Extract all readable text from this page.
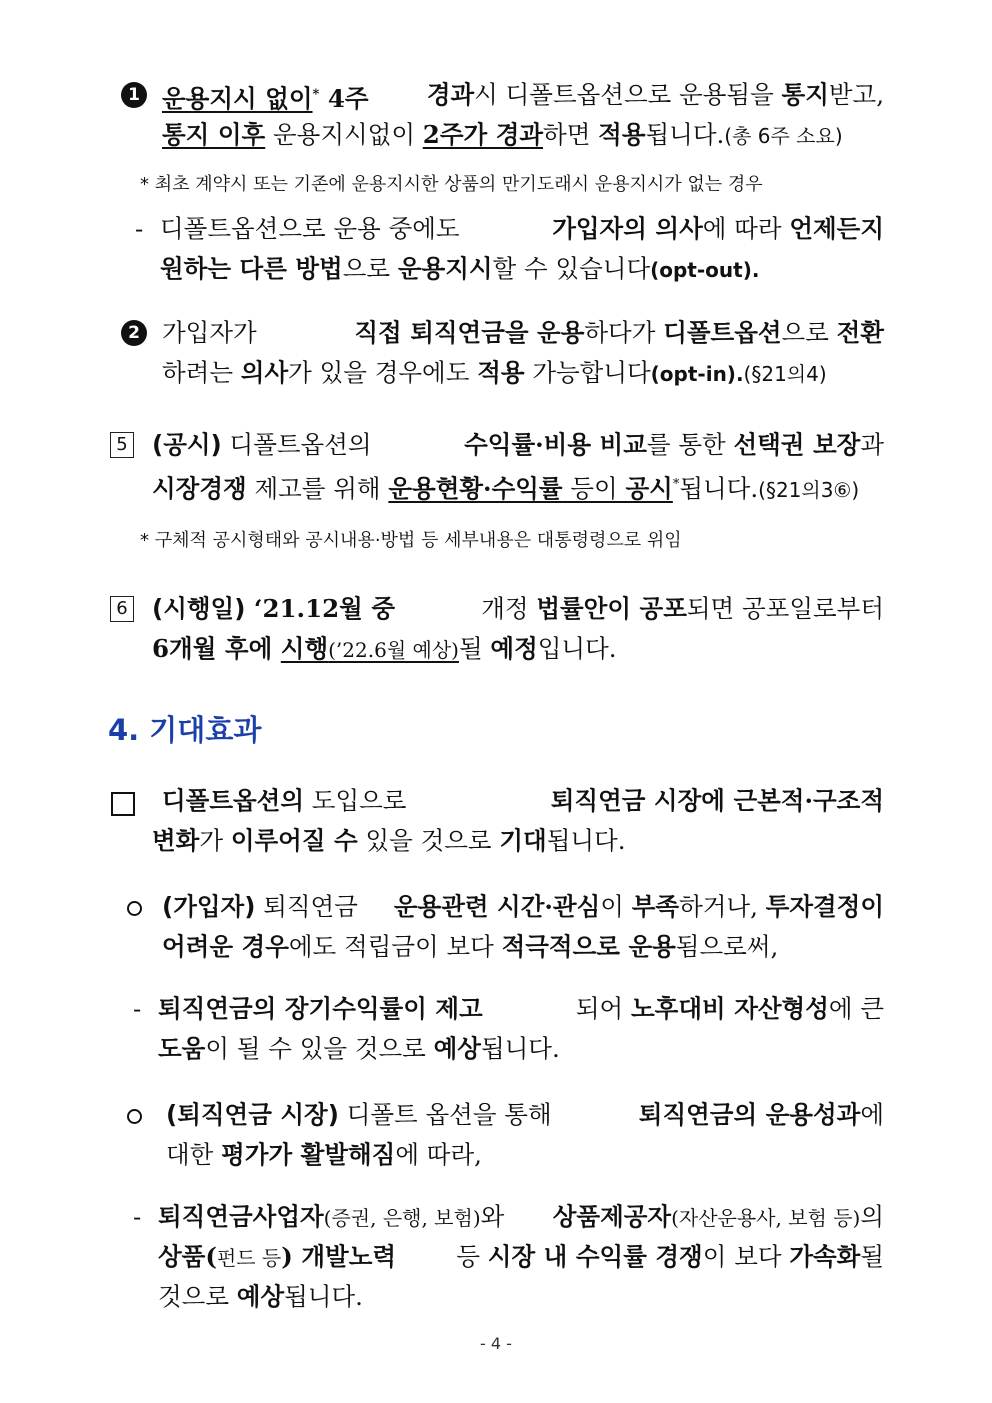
1 운용지시 없이* 4주 경과시 디폴트옵션으로 운용됨을 통지받고,
통지 이후 운용지시없이 2주가 경과하면 적용됩니다.(총 6주 소요)
* 최초 계약시 또는 기존에 운용지시한 상품의 만기도래시 운용지시가 없는 경우
- 디폴트옵션으로 운용 중에도	가입자의 의사에 따라 언제든지
원하는 다른 방법으로 운용지시할 수 있습니다(opt-out).
2 가입자가	직접 퇴직연금을 운용하다가 디폴트옵션으로 전환
하려는 의사가 있을 경우에도 적용 가능합니다(opt-in).(§21의4)
5 (공시) 디폴트옵션의	수익률·비용 비교를 통한 선택권 보장과
시장경쟁 제고를 위해 운용현황·수익률 등이 공시*됩니다.(§21의3⑥)
* 구체적 공시형태와 공시내용·방법 등 세부내용은 대통령령으로 위임
6 (시행일) ‘21.12월 중	개정 법률안이 공포되면 공포일로부터
6개월 후에 시행(’22.6월 예상)될 예정입니다.
4. 기대효과
디폴트옵션의 도입으로	퇴직연금 시장에 근본적·구조적
변화가 이루어질 수 있을 것으로 기대됩니다.
(가입자) 퇴직연금 운용관련 시간·관심이 부족하거나, 투자결정이
어려운 경우에도 적립금이 보다 적극적으로 운용됨으로써,
- 퇴직연금의 장기수익률이 제고	되어 노후대비 자산형성에 큰
도움이 될 수 있을 것으로 예상됩니다.
(퇴직연금 시장) 디폴트 옵션을 통해	퇴직연금의 운용성과에
대한 평가가 활발해짐에 따라,
- 퇴직연금사업자(증권, 은행, 보험)와 상품제공자(자산운용사, 보험 등)의
상품(펀드 등) 개발노력 등 시장 내 수익률 경쟁이 보다 가속화될
것으로 예상됩니다.
- 4 -
